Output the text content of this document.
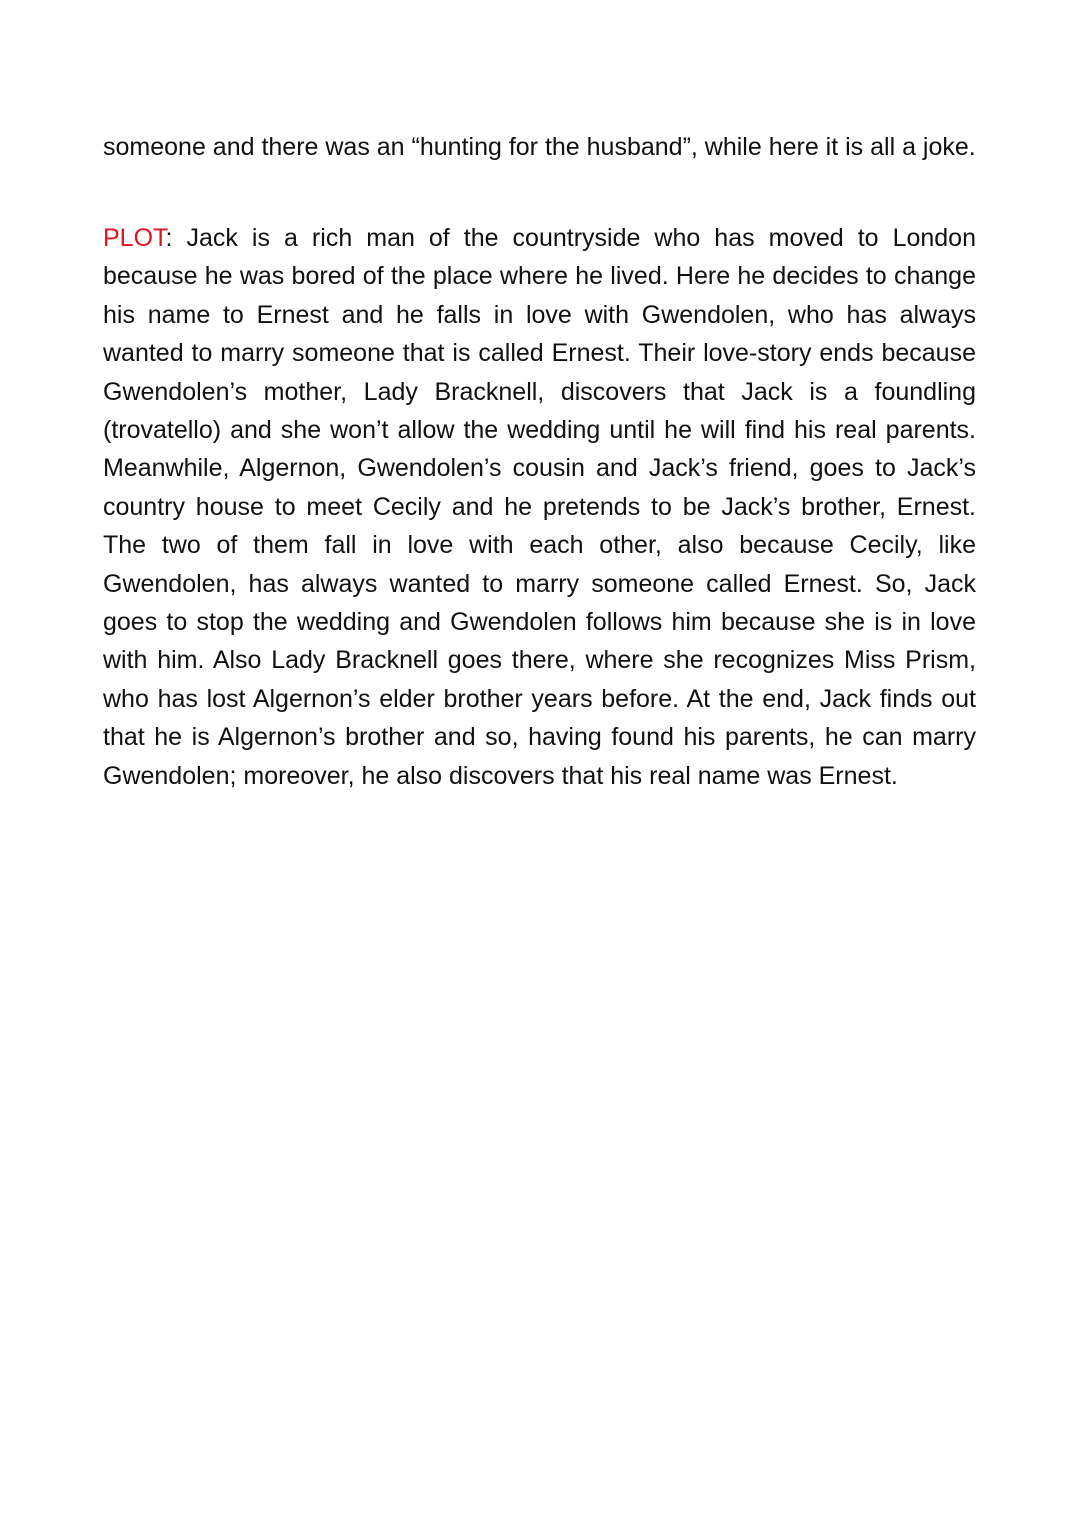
someone and there was an “hunting for the husband”, while here it is all a joke.

PLOT: Jack is a rich man of the countryside who has moved to London because he was bored of the place where he lived. Here he decides to change his name to Ernest and he falls in love with Gwendolen, who has always wanted to marry someone that is called Ernest. Their love-story ends because Gwendolen’s mother, Lady Bracknell, discovers that Jack is a foundling (trovatello) and she won’t allow the wedding until he will find his real parents. Meanwhile, Algernon, Gwendolen’s cousin and Jack’s friend, goes to Jack’s country house to meet Cecily and he pretends to be Jack’s brother, Ernest. The two of them fall in love with each other, also because Cecily, like Gwendolen, has always wanted to marry someone called Ernest. So, Jack goes to stop the wedding and Gwendolen follows him because she is in love with him. Also Lady Bracknell goes there, where she recognizes Miss Prism, who has lost Algernon’s elder brother years before. At the end, Jack finds out that he is Algernon’s brother and so, having found his parents, he can marry Gwendolen; moreover, he also discovers that his real name was Ernest.
